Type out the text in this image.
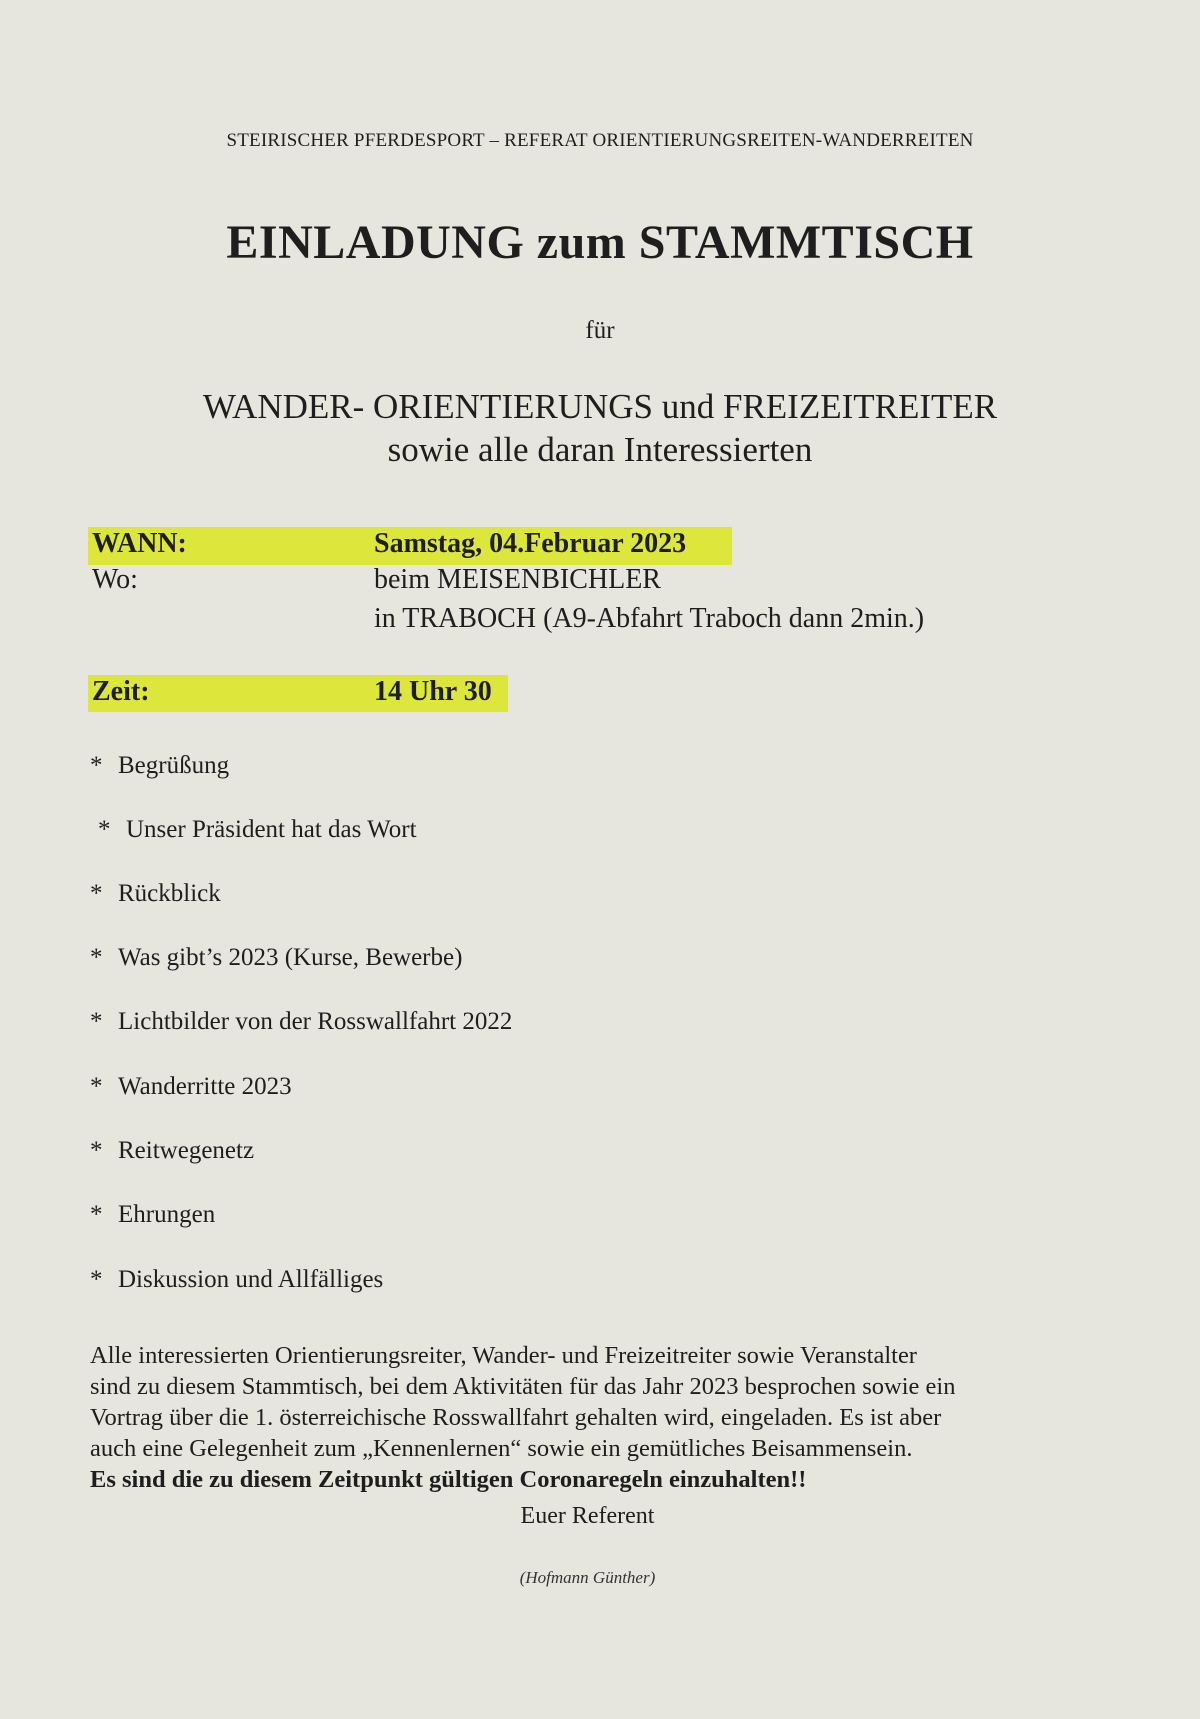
STEIRISCHER PFERDESPORT – REFERAT ORIENTIERUNGSREITEN-WANDERREITEN
EINLADUNG zum STAMMTISCH
für
WANDER- ORIENTIERUNGS und FREIZEITREITER
sowie alle daran Interessierten
WANN:	Samstag, 04.Februar 2023
Wo:	beim MEISENBICHLER
in TRABOCH (A9-Abfahrt Traboch dann 2min.)
Zeit:	14 Uhr 30
* Begrüßung
* Unser Präsident hat das Wort
* Rückblick
* Was gibt’s 2023 (Kurse, Bewerbe)
* Lichtbilder von der Rosswallfahrt 2022
* Wanderritte 2023
* Reitwegenetz
* Ehrungen
* Diskussion und Allfälliges
Alle interessierten Orientierungsreiter, Wander- und Freizeitreiter sowie Veranstalter
sind zu diesem Stammtisch, bei dem Aktivitäten für das Jahr 2023 besprochen sowie ein
Vortrag über die 1. österreichische Rosswallfahrt gehalten wird, eingeladen. Es ist aber
auch eine Gelegenheit zum „Kennenlernen“ sowie ein gemütliches Beisammensein.
Es sind die zu diesem Zeitpunkt gültigen Coronaregeln einzuhalten!!
Euer Referent
(Hofmann Günther)
